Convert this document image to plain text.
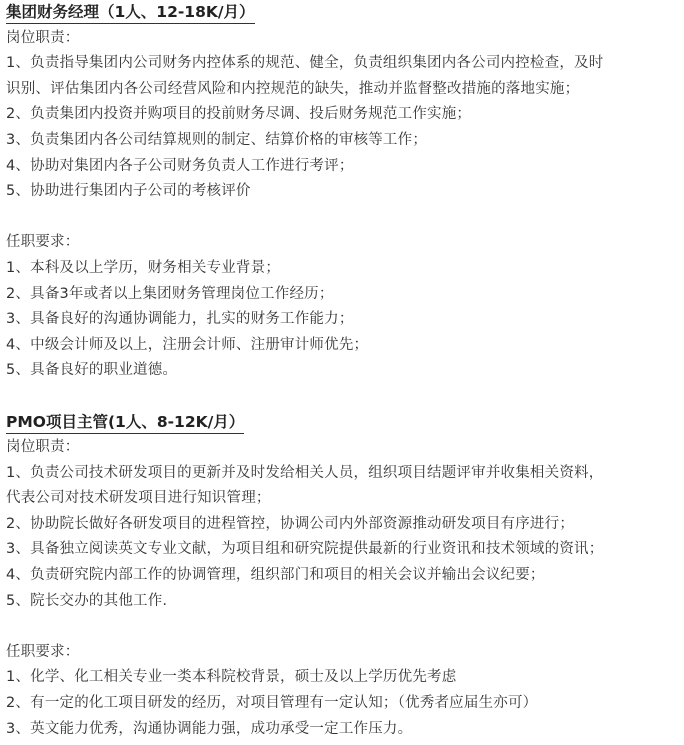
集团财务经理（1人、12-18K/月）
岗位职责：
1、负责指导集团内公司财务内控体系的规范、健全，负责组织集团内各公司内控检查，及时
识别、评估集团内各公司经营风险和内控规范的缺失，推动并监督整改措施的落地实施；
2、负责集团内投资并购项目的投前财务尽调、投后财务规范工作实施；
3、负责集团内各公司结算规则的制定、结算价格的审核等工作；
4、协助对集团内各子公司财务负责人工作进行考评；
5、协助进行集团内子公司的考核评价
任职要求：
1、本科及以上学历，财务相关专业背景；
2、具备3年或者以上集团财务管理岗位工作经历；
3、具备良好的沟通协调能力，扎实的财务工作能力；
4、中级会计师及以上，注册会计师、注册审计师优先；
5、具备良好的职业道德。
PMO项目主管(1人、8-12K/月）
岗位职责：
1、负责公司技术研发项目的更新并及时发给相关人员，组织项目结题评审并收集相关资料，
代表公司对技术研发项目进行知识管理；
2、协助院长做好各研发项目的进程管控，协调公司内外部资源推动研发项目有序进行；
3、具备独立阅读英文专业文献，为项目组和研究院提供最新的行业资讯和技术领域的资讯；
4、负责研究院内部工作的协调管理，组织部门和项目的相关会议并输出会议纪要；
5、院长交办的其他工作.
任职要求：
1、化学、化工相关专业一类本科院校背景，硕士及以上学历优先考虑
2、有一定的化工项目研发的经历，对项目管理有一定认知；（优秀者应届生亦可）
3、英文能力优秀，沟通协调能力强，成功承受一定工作压力。
